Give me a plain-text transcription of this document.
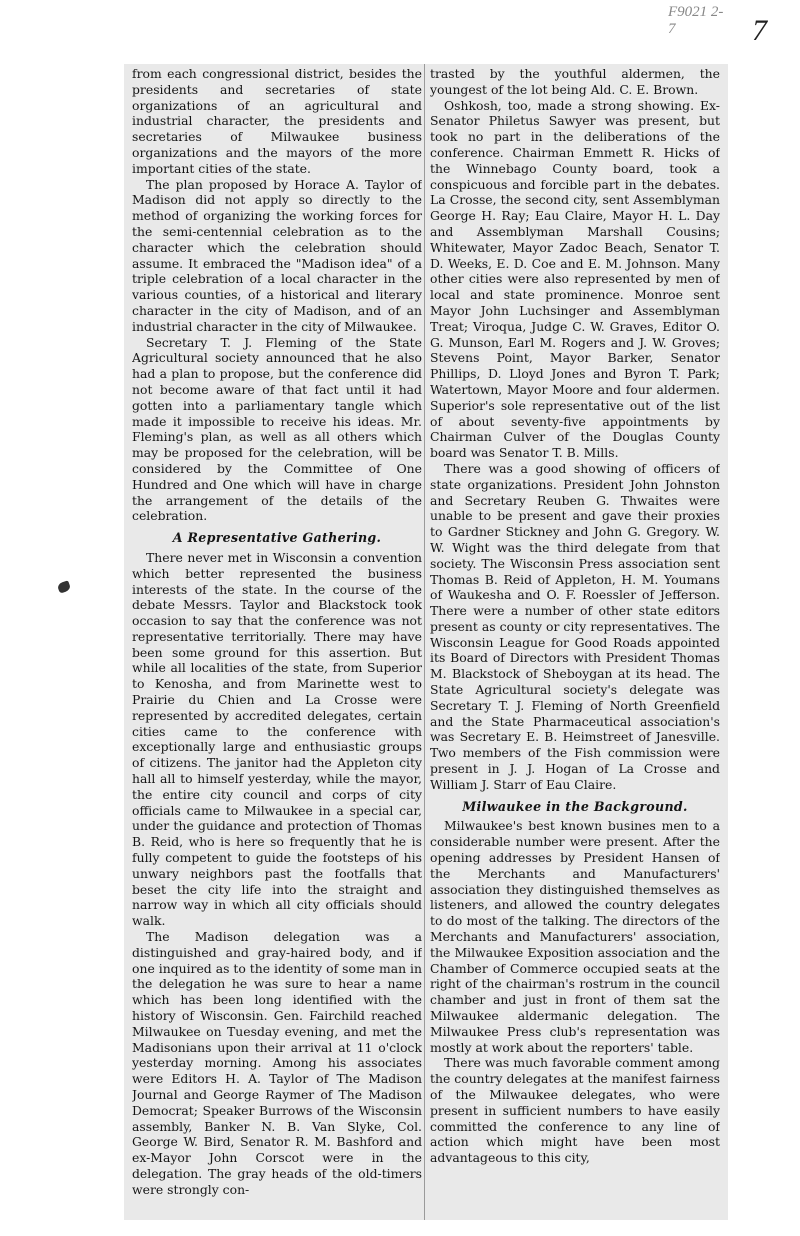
F9021 2-7	7

from each congressional district, besides the presidents and secretaries of state organizations of an agricultural and industrial character, the presidents and secretaries of Milwaukee business organizations and the mayors of the more important cities of the state.

The plan proposed by Horace A. Taylor of Madison did not apply so directly to the method of organizing the working forces for the semi-centennial celebration as to the character which the celebration should assume. It embraced the "Madison idea" of a triple celebration of a local character in the various counties, of a historical and literary character in the city of Madison, and of an industrial character in the city of Milwaukee.

Secretary T. J. Fleming of the State Agricultural society announced that he also had a plan to propose, but the conference did not become aware of that fact until it had gotten into a parliamentary tangle which made it impossible to receive his ideas. Mr. Fleming's plan, as well as all others which may be proposed for the celebration, will be considered by the Committee of One Hundred and One which will have in charge the arrangement of the details of the celebration.

A Representative Gathering.

There never met in Wisconsin a convention which better represented the business interests of the state. In the course of the debate Messrs. Taylor and Blackstock took occasion to say that the conference was not representative territorially. There may have been some ground for this assertion. But while all localities of the state, from Superior to Kenosha, and from Marinette west to Prairie du Chien and La Crosse were represented by accredited delegates, certain cities came to the conference with exceptionally large and enthusiastic groups of citizens. The janitor had the Appleton city hall all to himself yesterday, while the mayor, the entire city council and corps of city officials came to Milwaukee in a special car, under the guidance and protection of Thomas B. Reid, who is here so frequently that he is fully competent to guide the footsteps of his unwary neighbors past the footfalls that beset the city life into the straight and narrow way in which all city officials should walk.

The Madison delegation was a distinguished and gray-haired body, and if one inquired as to the identity of some man in the delegation he was sure to hear a name which has been long identified with the history of Wisconsin. Gen. Fairchild reached Milwaukee on Tuesday evening, and met the Madisonians upon their arrival at 11 o'clock yesterday morning. Among his associates were Editors H. A. Taylor of The Madison Journal and George Raymer of The Madison Democrat; Speaker Burrows of the Wisconsin assembly, Banker N. B. Van Slyke, Col. George W. Bird, Senator R. M. Bashford and ex-Mayor John Corscot were in the delegation. The gray heads of the old-timers were strongly con-

trasted by the youthful aldermen, the youngest of the lot being Ald. C. E. Brown.

Oshkosh, too, made a strong showing. Ex-Senator Philetus Sawyer was present, but took no part in the deliberations of the conference. Chairman Emmett R. Hicks of the Winnebago County board, took a conspicuous and forcible part in the debates. La Crosse, the second city, sent Assemblyman George H. Ray; Eau Claire, Mayor H. L. Day and Assemblyman Marshall Cousins; Whitewater, Mayor Zadoc Beach, Senator T. D. Weeks, E. D. Coe and E. M. Johnson. Many other cities were also represented by men of local and state prominence. Monroe sent Mayor John Luchsinger and Assemblyman Treat; Viroqua, Judge C. W. Graves, Editor O. G. Munson, Earl M. Rogers and J. W. Groves; Stevens Point, Mayor Barker, Senator Phillips, D. Lloyd Jones and Byron T. Park; Watertown, Mayor Moore and four aldermen. Superior's sole representative out of the list of about seventy-five appointments by Chairman Culver of the Douglas County board was Senator T. B. Mills.

There was a good showing of officers of state organizations. President John Johnston and Secretary Reuben G. Thwaites were unable to be present and gave their proxies to Gardner Stickney and John G. Gregory. W. W. Wight was the third delegate from that society. The Wisconsin Press association sent Thomas B. Reid of Appleton, H. M. Youmans of Waukesha and O. F. Roessler of Jefferson. There were a number of other state editors present as county or city representatives. The Wisconsin League for Good Roads appointed its Board of Directors with President Thomas M. Blackstock of Sheboygan at its head. The State Agricultural society's delegate was Secretary T. J. Fleming of North Greenfield and the State Pharmaceutical association's was Secretary E. B. Heimstreet of Janesville. Two members of the Fish commission were present in J. J. Hogan of La Crosse and William J. Starr of Eau Claire.

Milwaukee in the Background.

Milwaukee's best known busines men to a considerable number were present. After the opening addresses by President Hansen of the Merchants and Manufacturers' association they distinguished themselves as listeners, and allowed the country delegates to do most of the talking. The directors of the Merchants and Manufacturers' association, the Milwaukee Exposition association and the Chamber of Commerce occupied seats at the right of the chairman's rostrum in the council chamber and just in front of them sat the Milwaukee aldermanic delegation. The Milwaukee Press club's representation was mostly at work about the reporters' table.

There was much favorable comment among the country delegates at the manifest fairness of the Milwaukee delegates, who were present in sufficient numbers to have easily committed the conference to any line of action which might have been most advantageous to this city,
